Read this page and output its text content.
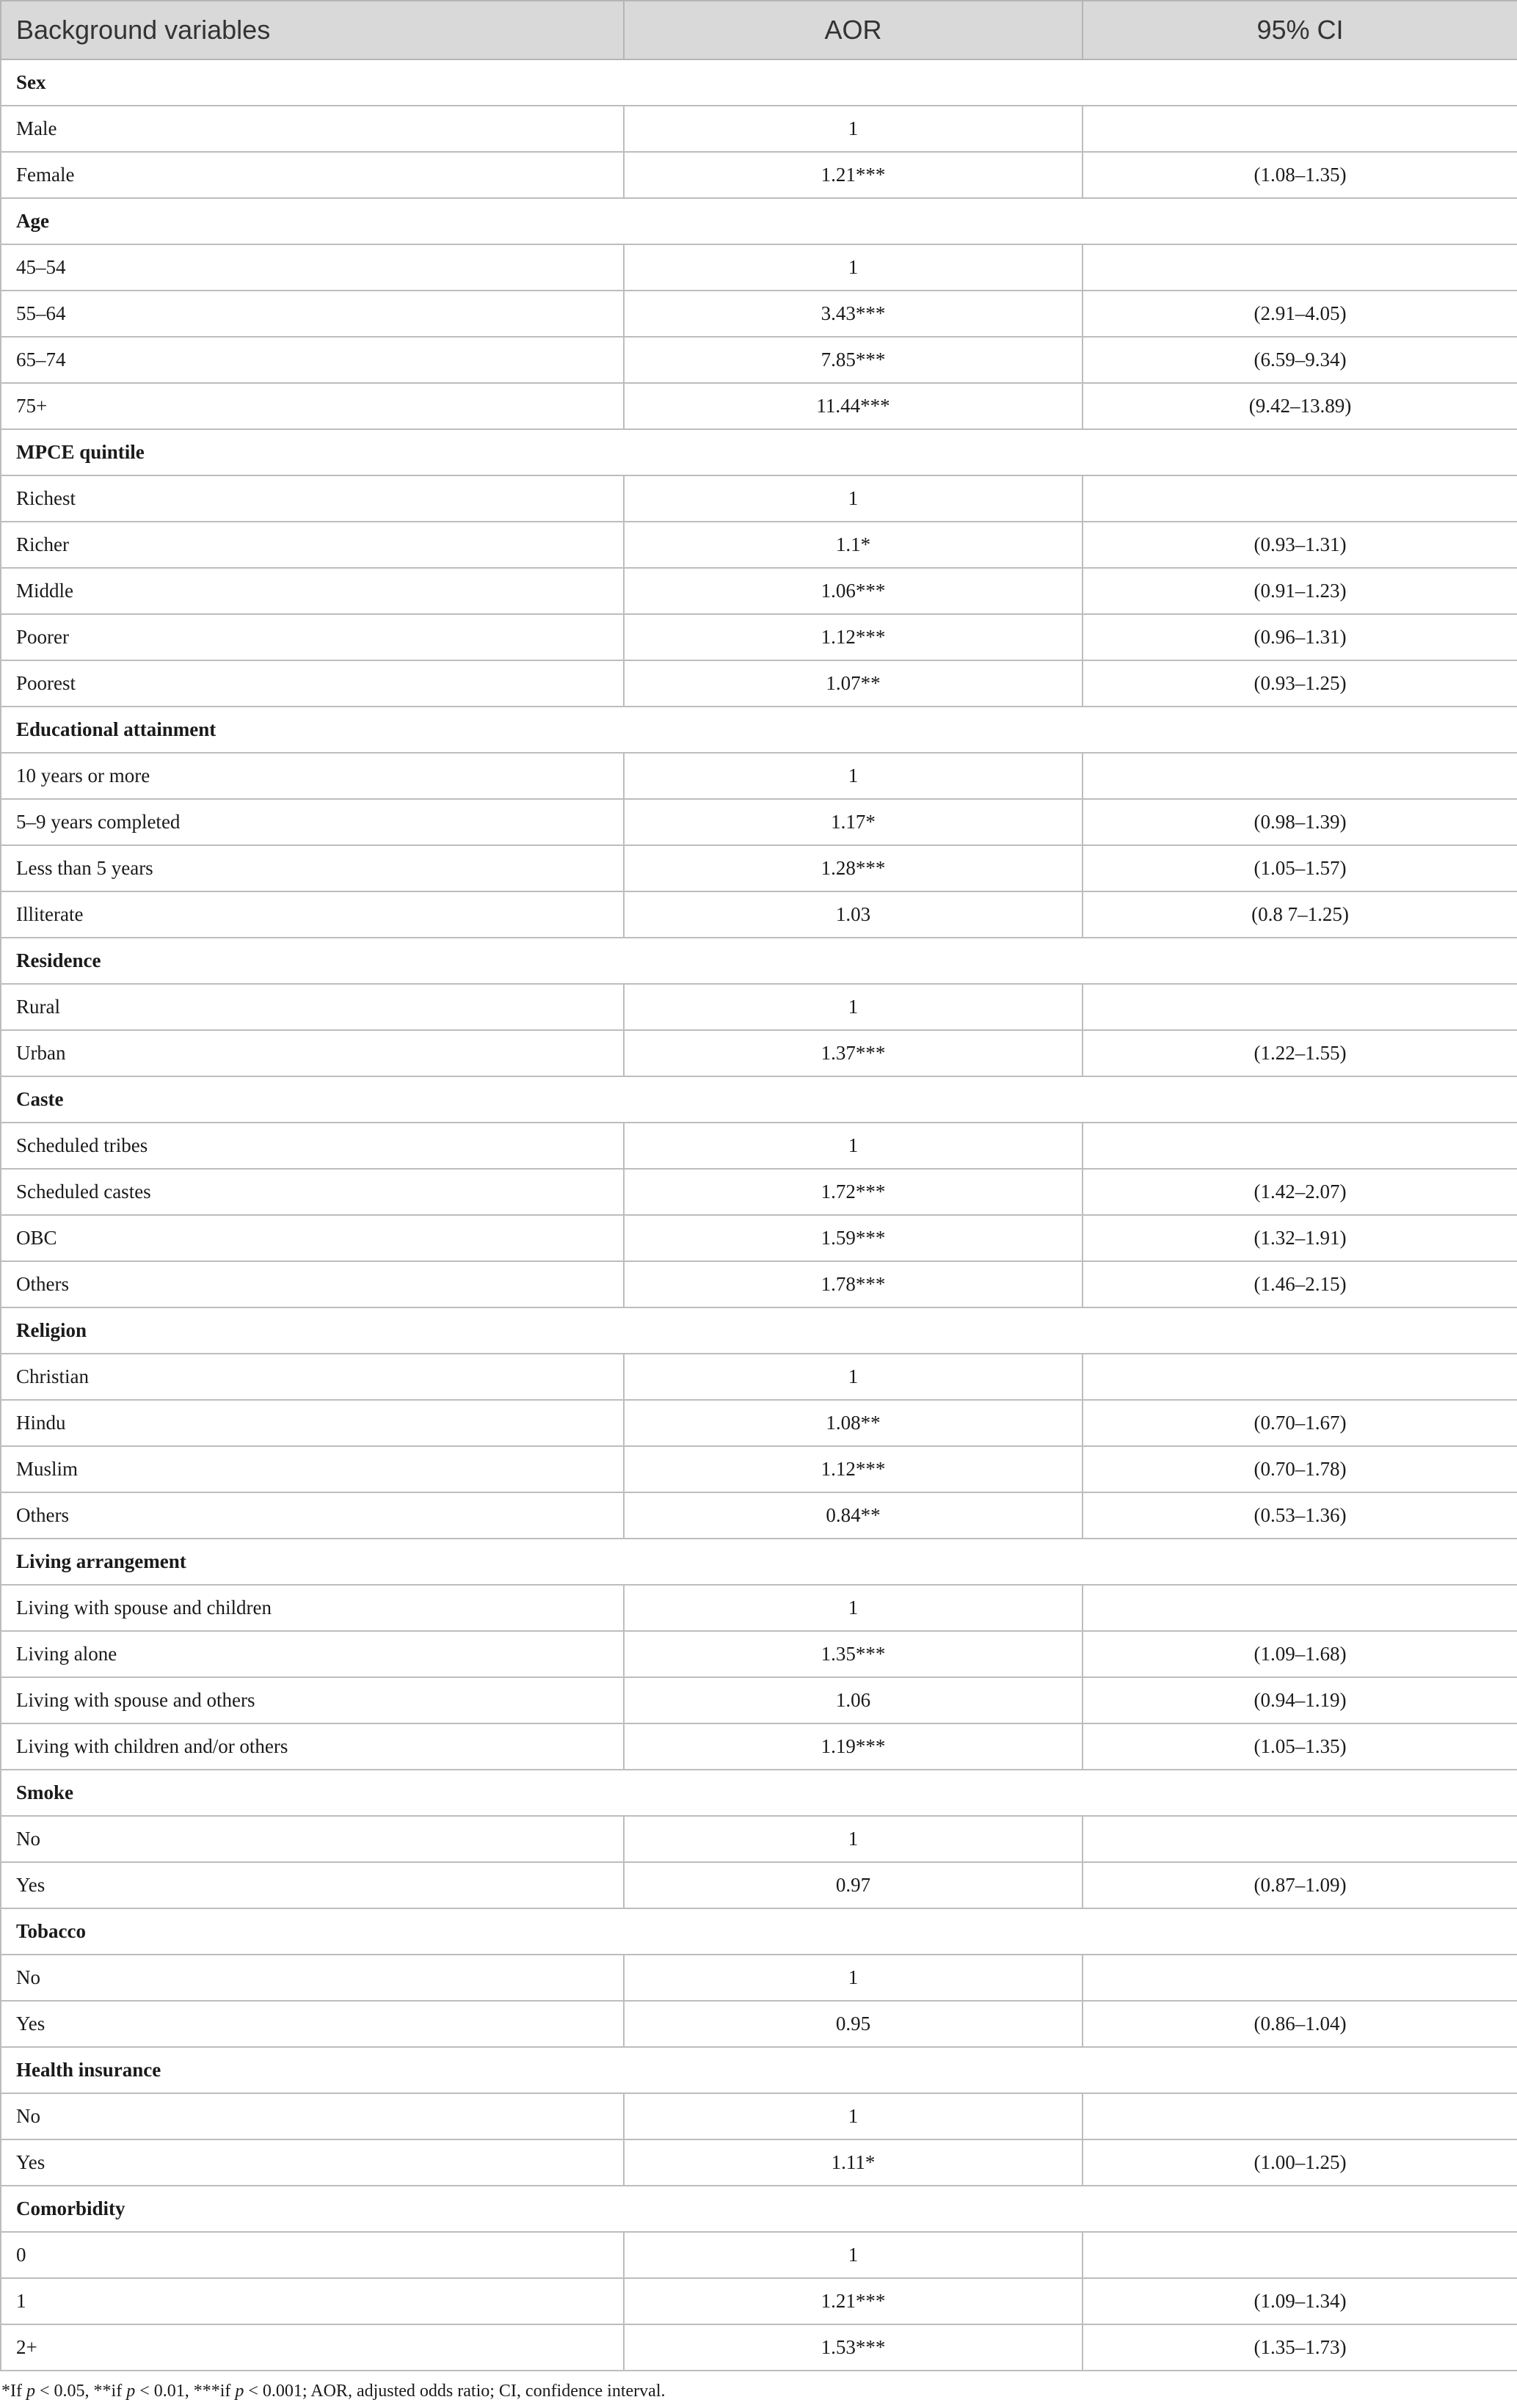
Background variables	AOR	95% CI
Sex		
Male	1	
Female	1.21***	(1.08–1.35)
Age		
45–54	1	
55–64	3.43***	(2.91–4.05)
65–74	7.85***	(6.59–9.34)
75+	11.44***	(9.42–13.89)
MPCE quintile		
Richest	1	
Richer	1.1*	(0.93–1.31)
Middle	1.06***	(0.91–1.23)
Poorer	1.12***	(0.96–1.31)
Poorest	1.07**	(0.93–1.25)
Educational attainment		
10 years or more	1	
5–9 years completed	1.17*	(0.98–1.39)
Less than 5 years	1.28***	(1.05–1.57)
Illiterate	1.03	(0.8 7–1.25)
Residence		
Rural	1	
Urban	1.37***	(1.22–1.55)
Caste		
Scheduled tribes	1	
Scheduled castes	1.72***	(1.42–2.07)
OBC	1.59***	(1.32–1.91)
Others	1.78***	(1.46–2.15)
Religion		
Christian	1	
Hindu	1.08**	(0.70–1.67)
Muslim	1.12***	(0.70–1.78)
Others	0.84**	(0.53–1.36)
Living arrangement		
Living with spouse and children	1	
Living alone	1.35***	(1.09–1.68)
Living with spouse and others	1.06	(0.94–1.19)
Living with children and/or others	1.19***	(1.05–1.35)
Smoke		
No	1	
Yes	0.97	(0.87–1.09)
Tobacco		
No	1	
Yes	0.95	(0.86–1.04)
Health insurance		
No	1	
Yes	1.11*	(1.00–1.25)
Comorbidity		
0	1	
1	1.21***	(1.09–1.34)
2+	1.53***	(1.35–1.73)
*If p < 0.05, **if p < 0.01, ***if p < 0.001; AOR, adjusted odds ratio; CI, confidence interval.
